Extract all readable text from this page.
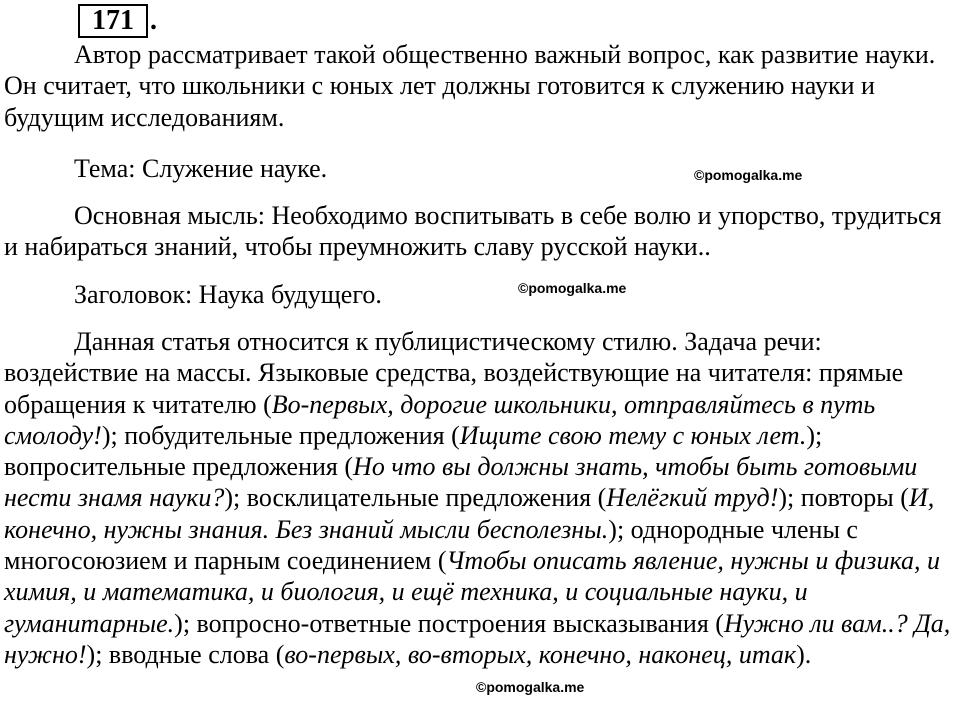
171 .

Автор рассматривает такой общественно важный вопрос, как развитие науки. Он считает, что школьники с юных лет должны готовится к служению науки и будущим исследованиям.

Тема: Служение науке.

Основная мысль: Необходимо воспитывать в себе волю и упорство, трудиться и набираться знаний, чтобы преумножить славу русской науки..

Заголовок: Наука будущего.

Данная статья относится к публицистическому стилю. Задача речи: воздействие на массы. Языковые средства, воздействующие на читателя: прямые обращения к читателю (Во-первых, дорогие школьники, отправляйтесь в путь смолоду!); побудительные предложения (Ищите свою тему с юных лет.); вопросительные предложения (Но что вы должны знать, чтобы быть готовыми нести знамя науки?); восклицательные предложения (Нелёгкий труд!); повторы (И, конечно, нужны знания. Без знаний мысли бесполезны.); однородные члены с многосоюзием и парным соединением (Чтобы описать явление, нужны и физика, и химия, и математика, и биология, и ещё техника, и социальные науки, и гуманитарные.); вопросно-ответные построения высказывания (Нужно ли вам..? Да, нужно!); вводные слова (во-первых, во-вторых, конечно, наконец, итак).

©pomogalka.me
©pomogalka.me
©pomogalka.me
